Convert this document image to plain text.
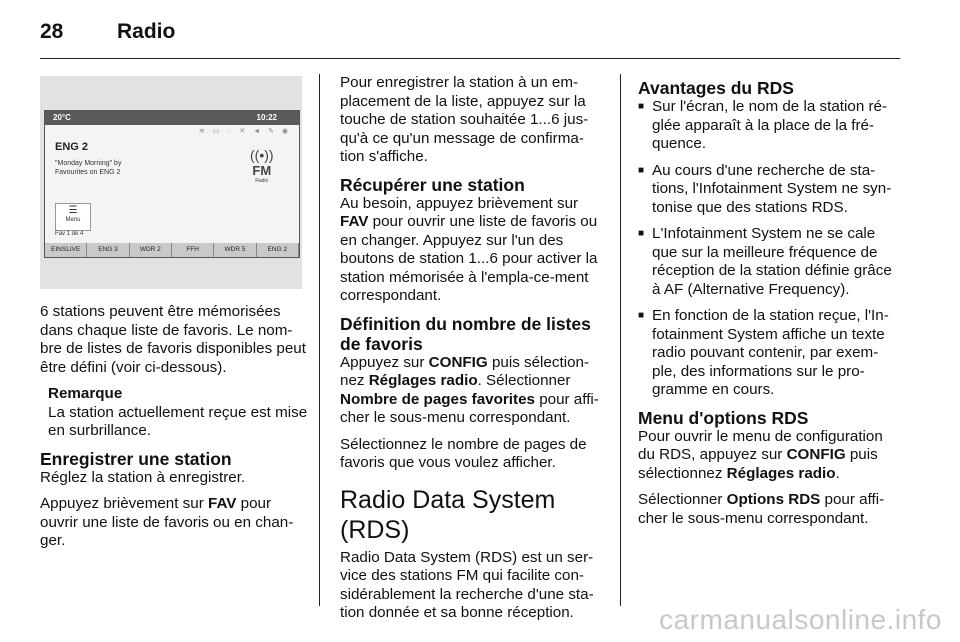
28	Radio
20°C	10:22
≋ ▭ ◌ ✕ ◄ ✎ ◉
ENG 2
"Monday Morning" by
Favourites on ENG 2
((•))
FM
Radio
☰
Menu
Fav 1 de 4
EINSLIVE	ENG 3	WDR 2	FFH	WDR 5	ENG 2

6 stations peuvent être mémorisées dans chaque liste de favoris. Le nom-bre de listes de favoris disponibles peut être défini (voir ci-dessous).

Remarque

La station actuellement reçue est mise en surbrillance.

Enregistrer une station

Réglez la station à enregistrer.

Appuyez brièvement sur FAV pour ouvrir une liste de favoris ou en chan-ger.

Pour enregistrer la station à un em-placement de la liste, appuyez sur la touche de station souhaitée 1...6 jus-qu'à ce qu'un message de confirma-tion s'affiche.

Récupérer une station

Au besoin, appuyez brièvement sur FAV pour ouvrir une liste de favoris ou en changer. Appuyez sur l'un des boutons de station 1...6 pour activer la station mémorisée à l'empla-ce-ment correspondant.

Définition du nombre de listes de favoris

Appuyez sur CONFIG puis sélection-nez Réglages radio. Sélectionner Nombre de pages favorites pour affi-cher le sous-menu correspondant.

Sélectionnez le nombre de pages de favoris que vous voulez afficher.

Radio Data System (RDS)

Radio Data System (RDS) est un ser-vice des stations FM qui facilite con-sidérablement la recherche d'une sta-tion donnée et sa bonne réception.

Avantages du RDS
■ Sur l'écran, le nom de la station ré-glée apparaît à la place de la fré-quence.
■ Au cours d'une recherche de sta-tions, l'Infotainment System ne syn-tonise que des stations RDS.
■ L'Infotainment System ne se cale que sur la meilleure fréquence de réception de la station définie grâce à AF (Alternative Frequency).
■ En fonction de la station reçue, l'In-fotainment System affiche un texte radio pouvant contenir, par exem-ple, des informations sur le pro-gramme en cours.
Menu d'options RDS

Pour ouvrir le menu de configuration du RDS, appuyez sur CONFIG puis sélectionnez Réglages radio.

Sélectionner Options RDS pour affi-cher le sous-menu correspondant.

carmanualsonline.info
